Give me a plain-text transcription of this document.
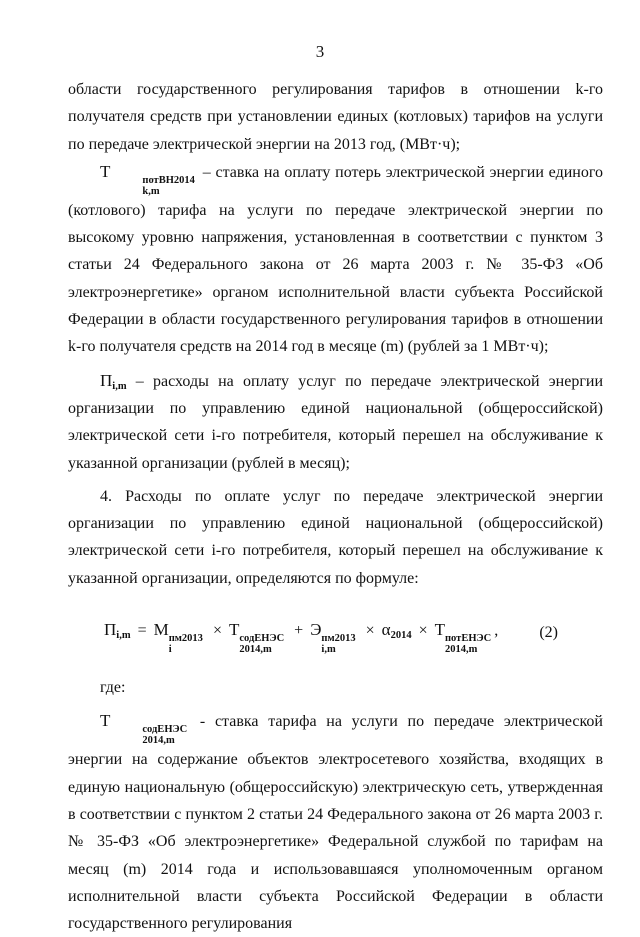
3

области государственного регулирования тарифов в отношении k-го получателя средств при установлении единых (котловых) тарифов на услуги по передаче электрической энергии на 2013 год, (МВт·ч);

T	потВН2014
k,m
– ставка на оплату потерь электрической энергии единого (котлового) тарифа на услуги по передаче электрической энергии по высокому уровню напряжения, установленная в соответствии с пунктом 3 статьи 24 Федерального закона от 26 марта 2003 г. № 35-ФЗ «Об электроэнергетике» органом исполнительной власти субъекта Российской Федерации в области государственного регулирования тарифов в отношении k-го получателя средств на 2014 год в месяце (m) (рублей за 1 МВт·ч);

$П_{i,m}$ – расходы на оплату услуг по передаче электрической энергии организации по управлению единой национальной (общероссийской) электрической сети i-го потребителя, который перешел на обслуживание к указанной организации (рублей в месяц);

4. Расходы по оплате услуг по передаче электрической энергии организации по управлению единой национальной (общероссийской) электрической сети i-го потребителя, который перешел на обслуживание к указанной организации, определяются по формуле:

$П_{i,m} = M$ пм2013
i
× T содЕНЭС
2014,m
+ Э пм2013
i,m
× $\alpha_{2014} \times T$ потЕНЭС
2014,m
,	(2)

где:

T	содЕНЭС
2014,m
- ставка тарифа на услуги по передаче электрической энергии на содержание объектов электросетевого хозяйства, входящих в единую национальную (общероссийскую) электрическую сеть, утвержденная в соответствии с пунктом 2 статьи 24 Федерального закона от 26 марта 2003 г. № 35-ФЗ «Об электроэнергетике» Федеральной службой по тарифам на месяц (m) 2014 года и использовавшаяся уполномоченным органом исполнительной власти субъекта Российской Федерации в области государственного регулирования
